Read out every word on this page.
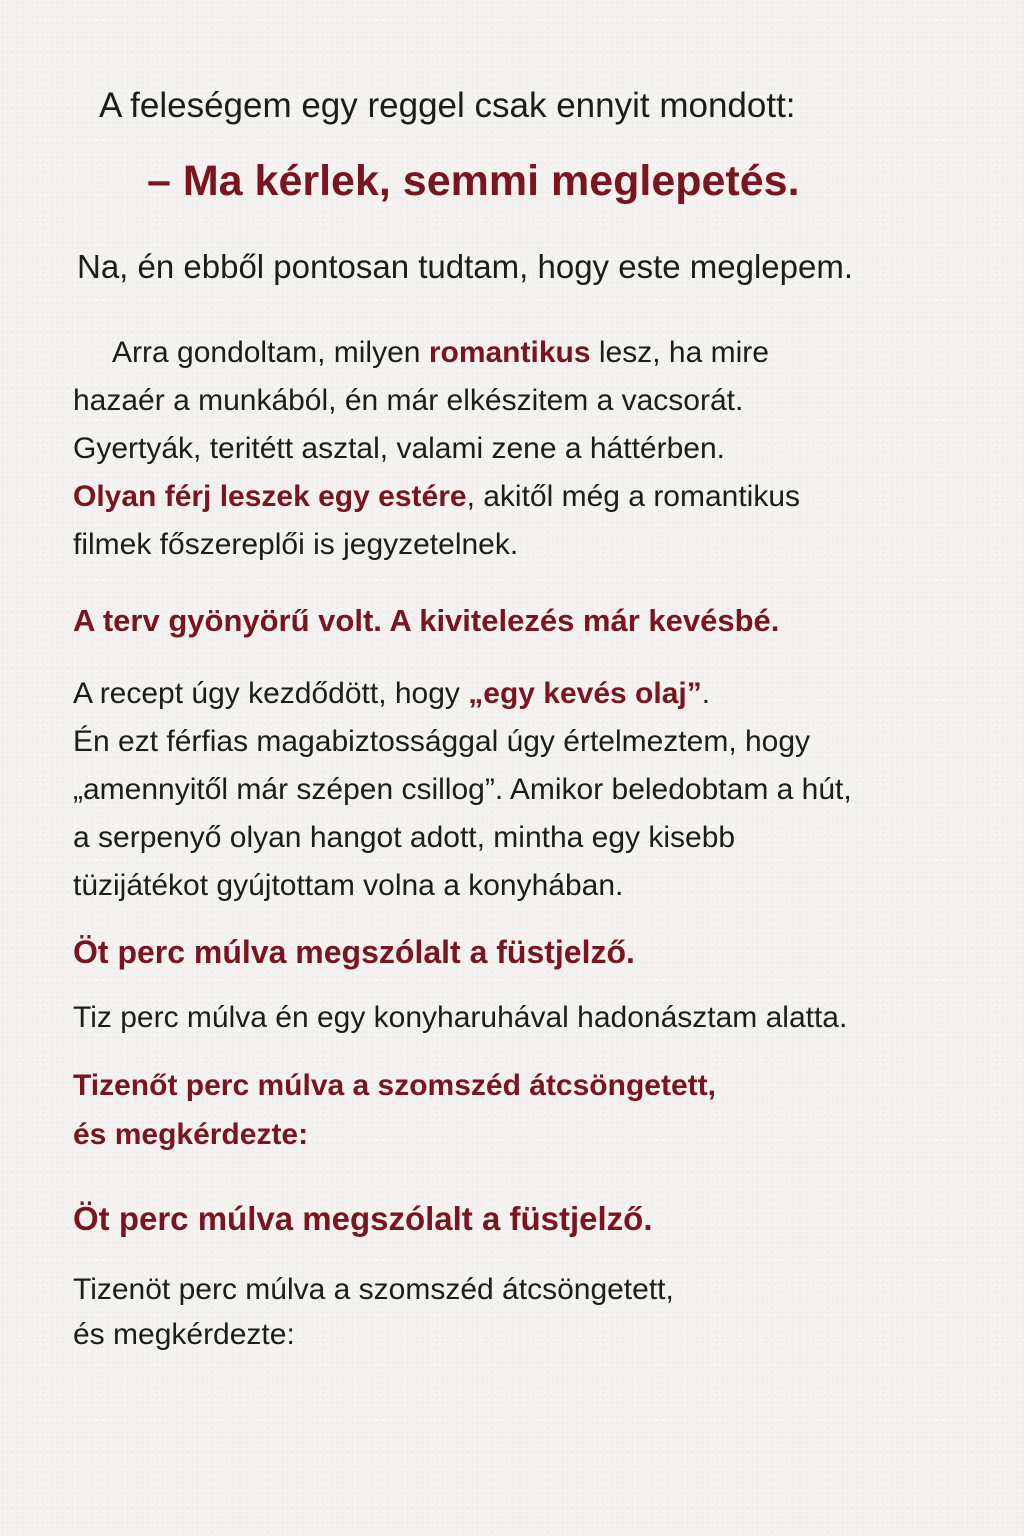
A feleségem egy reggel csak ennyit mondott:

– Ma kérlek, semmi meglepetés.

Na, én ebből pontosan tudtam, hogy este meglepem.

Arra gondoltam, milyen romantikus lesz, ha mire

hazaér a munkából, én már elkészitem a vacsorát.

Gyertyák, teritétt asztal, valami zene a háttérben.

Olyan férj leszek egy estére, akitől még a romantikus

filmek főszereplői is jegyzetelnek.

A terv gyönyörű volt. A kivitelezés már kevésbé.

A recept úgy kezdődött, hogy „egy kevés olaj”.

Én ezt férfias magabiztossággal úgy értelmeztem, hogy

„amennyitől már szépen csillog”. Amikor beledobtam a hút,

a serpenyő olyan hangot adott, mintha egy kisebb

tüzijátékot gyújtottam volna a konyhában.

Öt perc múlva megszólalt a füstjelző.

Tiz perc múlva én egy konyharuhával hadonásztam alatta.

Tizenőt perc múlva a szomszéd átcsöngetett,

és megkérdezte:

Öt perc múlva megszólalt a füstjelző.

Tizenöt perc múlva a szomszéd átcsöngetett,

és megkérdezte:
